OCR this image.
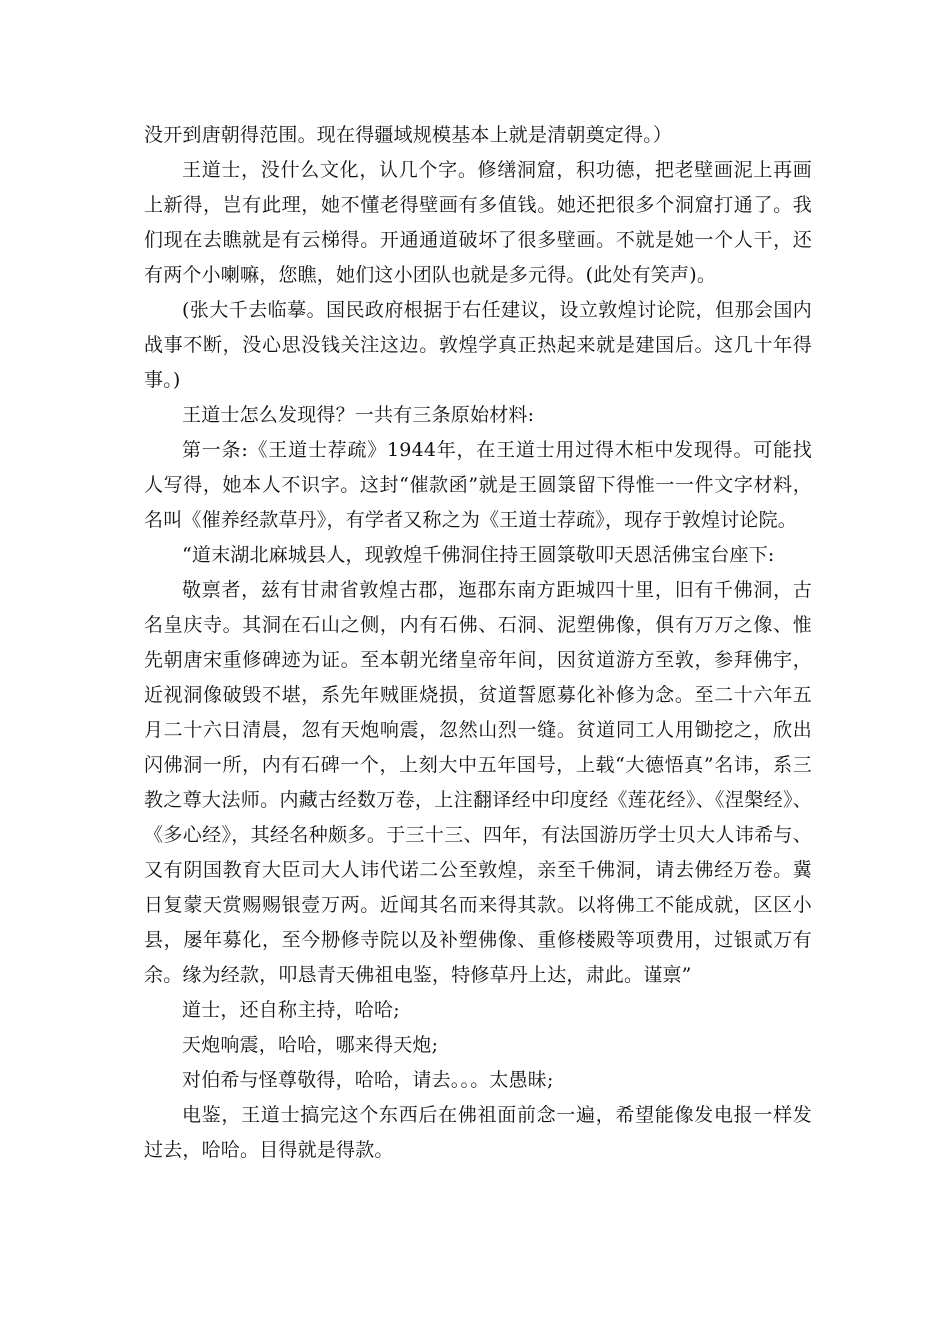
没开到唐朝得范围。现在得疆域规模基本上就是清朝奠定得。）

王道士，没什么文化，认几个字。修缮洞窟，积功德，把老壁画泥上再画上新得，岂有此理，她不懂老得壁画有多值钱。她还把很多个洞窟打通了。我们现在去瞧就是有云梯得。开通通道破坏了很多壁画。不就是她一个人干，还有两个小喇嘛，您瞧，她们这小团队也就是多元得。(此处有笑声)。

(张大千去临摹。国民政府根据于右任建议，设立敦煌讨论院，但那会国内战事不断，没心思没钱关注这边。敦煌学真正热起来就是建国后。这几十年得事。)

王道士怎么发现得？一共有三条原始材料:

第一条:《王道士荐疏》1944年，在王道士用过得木柜中发现得。可能找人写得，她本人不识字。这封“催款函”就是王圆箓留下得惟一一件文字材料，名叫《催养经款草丹》，有学者又称之为《王道士荐疏》，现存于敦煌讨论院。

“道末湖北麻城县人，现敦煌千佛洞住持王圆箓敬叩天恩活佛宝台座下:

敬禀者，兹有甘肃省敦煌古郡，迤郡东南方距城四十里，旧有千佛洞，古名皇庆寺。其洞在石山之侧，内有石佛、石洞、泥塑佛像，俱有万万之像、惟先朝唐宋重修碑迹为证。至本朝光绪皇帝年间，因贫道游方至敦，参拜佛宇，近视洞像破毁不堪，系先年贼匪烧损，贫道誓愿募化补修为念。至二十六年五月二十六日清晨，忽有天炮响震，忽然山烈一缝。贫道同工人用锄挖之，欣出闪佛洞一所，内有石碑一个，上刻大中五年国号，上载“大德悟真”名讳，系三教之尊大法师。内藏古经数万卷，上注翻译经中印度经《莲花经》、《涅槃经》、《多心经》，其经名种颇多。于三十三、四年，有法国游历学士贝大人讳希与、又有阴国教育大臣司大人讳代诺二公至敦煌，亲至千佛洞，请去佛经万卷。冀日复蒙天赏赐赐银壹万两。近闻其名而来得其款。以将佛工不能成就，区区小县，屡年募化，至今刱修寺院以及补塑佛像、重修楼殿等项费用，过银贰万有余。缘为经款，叩恳青天佛祖电鉴，特修草丹上达，肃此。谨禀”

道士，还自称主持，哈哈;

天炮响震，哈哈，哪来得天炮;

对伯希与怪尊敬得，哈哈，请去。。。太愚昧;

电鉴，王道士搞完这个东西后在佛祖面前念一遍，希望能像发电报一样发过去，哈哈。目得就是得款。
